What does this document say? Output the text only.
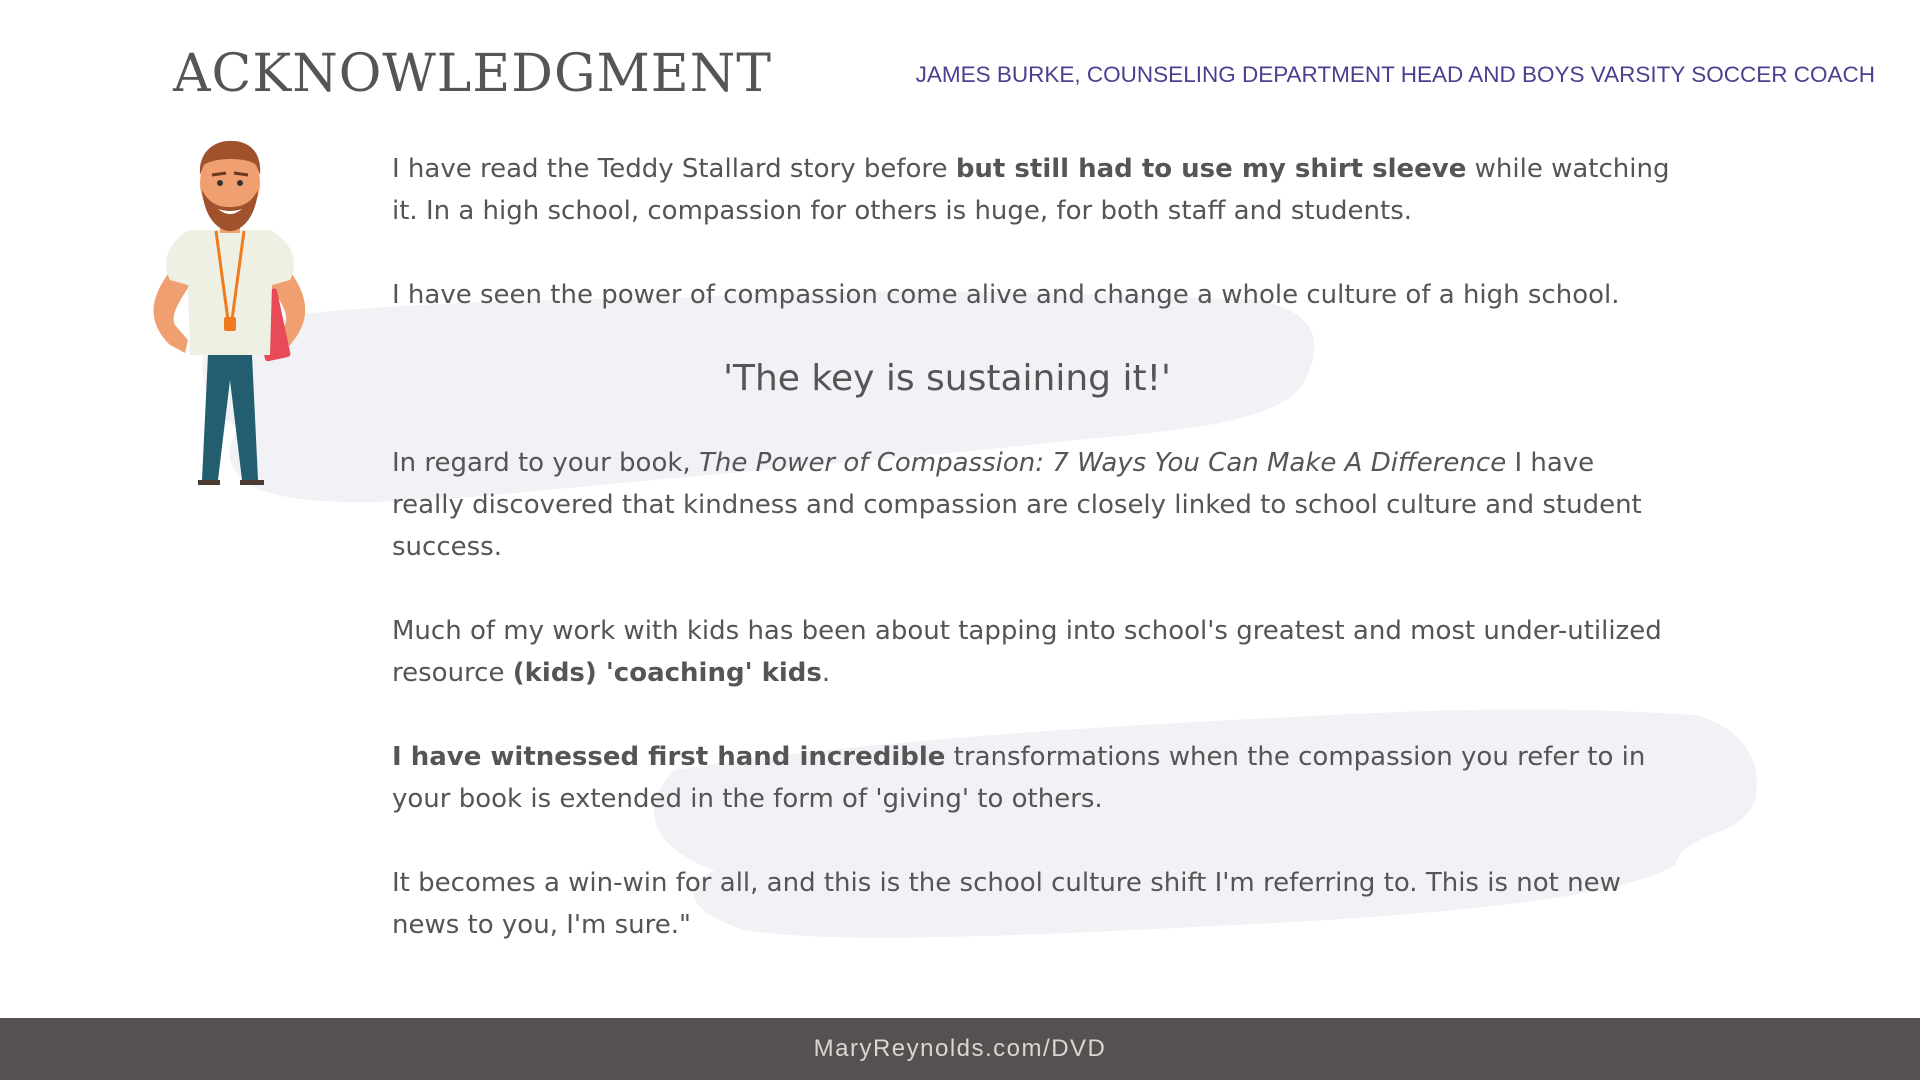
ACKNOWLEDGMENT	JAMES BURKE, COUNSELING DEPARTMENT HEAD AND BOYS VARSITY SOCCER COACH

I have read the Teddy Stallard story before but still had to use my shirt sleeve while watching it. In a high school, compassion for others is huge, for both staff and students.

I have seen the power of compassion come alive and change a whole culture of a high school.

'The key is sustaining it!'

In regard to your book, The Power of Compassion: 7 Ways You Can Make A Difference I have really discovered that kindness and compassion are closely linked to school culture and student success.

Much of my work with kids has been about tapping into school's greatest and most under-utilized resource (kids) 'coaching' kids.

I have witnessed first hand incredible transformations when the compassion you refer to in your book is extended in the form of 'giving' to others.

It becomes a win-win for all, and this is the school culture shift I'm referring to. This is not new news to you, I'm sure."

MaryReynolds.com/DVD
